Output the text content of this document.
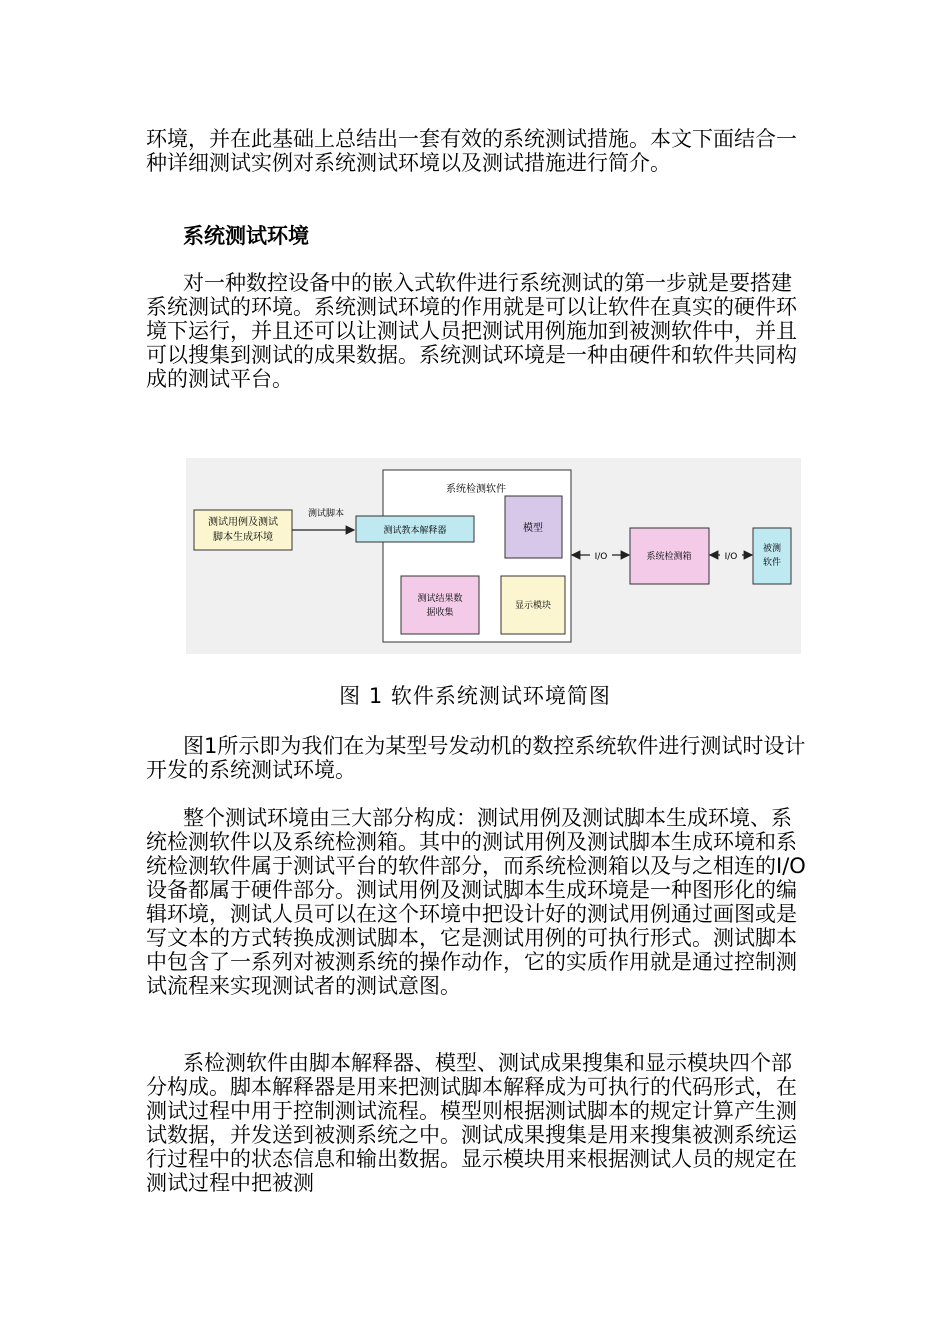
环境，并在此基础上总结出一套有效的系统测试措施。本文下面结合一种详细测试实例对系统测试环境以及测试措施进行简介。

系统测试环境

对一种数控设备中的嵌入式软件进行系统测试的第一步就是要搭建系统测试的环境。系统测试环境的作用就是可以让软件在真实的硬件环境下运行，并且还可以让测试人员把测试用例施加到被测软件中，并且可以搜集到测试的成果数据。系统测试环境是一种由硬件和软件共同构成的测试平台。

测试用例及测试
脚本生成环境
测试脚本
系统检测软件
测试教本解释器	模型
测试结果数
据收集
显示模块
I/O	系统检测箱	I/O
被测
软件
图 1 软件系统测试环境简图

图1所示即为我们在为某型号发动机的数控系统软件进行测试时设计开发的系统测试环境。

整个测试环境由三大部分构成：测试用例及测试脚本生成环境、系统检测软件以及系统检测箱。其中的测试用例及测试脚本生成环境和系统检测软件属于测试平台的软件部分，而系统检测箱以及与之相连的I/O设备都属于硬件部分。测试用例及测试脚本生成环境是一种图形化的编辑环境，测试人员可以在这个环境中把设计好的测试用例通过画图或是写文本的方式转换成测试脚本，它是测试用例的可执行形式。测试脚本中包含了一系列对被测系统的操作动作，它的实质作用就是通过控制测试流程来实现测试者的测试意图。

系检测软件由脚本解释器、模型、测试成果搜集和显示模块四个部分构成。脚本解释器是用来把测试脚本解释成为可执行的代码形式，在测试过程中用于控制测试流程。模型则根据测试脚本的规定计算产生测试数据，并发送到被测系统之中。测试成果搜集是用来搜集被测系统运行过程中的状态信息和输出数据。显示模块用来根据测试人员的规定在测试过程中把被测
